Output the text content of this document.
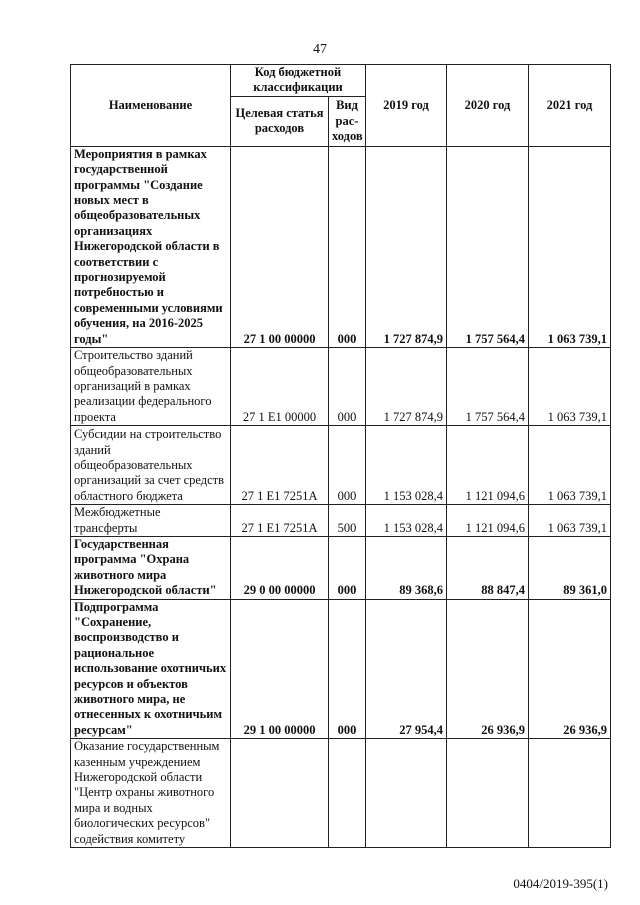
47
Наименование	Код бюджетной классификации		2019 год	2020 год	2021 год
	Целевая статья расходов	Вид рас-ходов			
Мероприятия в рамках государственной программы "Создание новых мест в общеобразовательных организациях Нижегородской области в соответствии с прогнозируемой потребностью и современными условиями обучения, на 2016-2025 годы"	27 1 00 00000	000	1 727 874,9	1 757 564,4	1 063 739,1
Строительство зданий общеобразовательных организаций в рамках реализации федерального проекта	27 1 Е1 00000	000	1 727 874,9	1 757 564,4	1 063 739,1
Субсидии на строительство зданий общеобразовательных организаций за счет средств областного бюджета	27 1 Е1 7251А	000	1 153 028,4	1 121 094,6	1 063 739,1
Межбюджетные трансферты	27 1 Е1 7251А	500	1 153 028,4	1 121 094,6	1 063 739,1
Государственная программа "Охрана животного мира Нижегородской области"	29 0 00 00000	000	89 368,6	88 847,4	89 361,0
Подпрограмма "Сохранение, воспроизводство и рациональное использование охотничьих ресурсов и объектов животного мира, не отнесенных к охотничьим ресурсам"	29 1 00 00000	000	27 954,4	26 936,9	26 936,9
Оказание государственным казенным учреждением Нижегородской области "Центр охраны животного мира и водных биологических ресурсов" содействия комитету					
0404/2019-395(1)
